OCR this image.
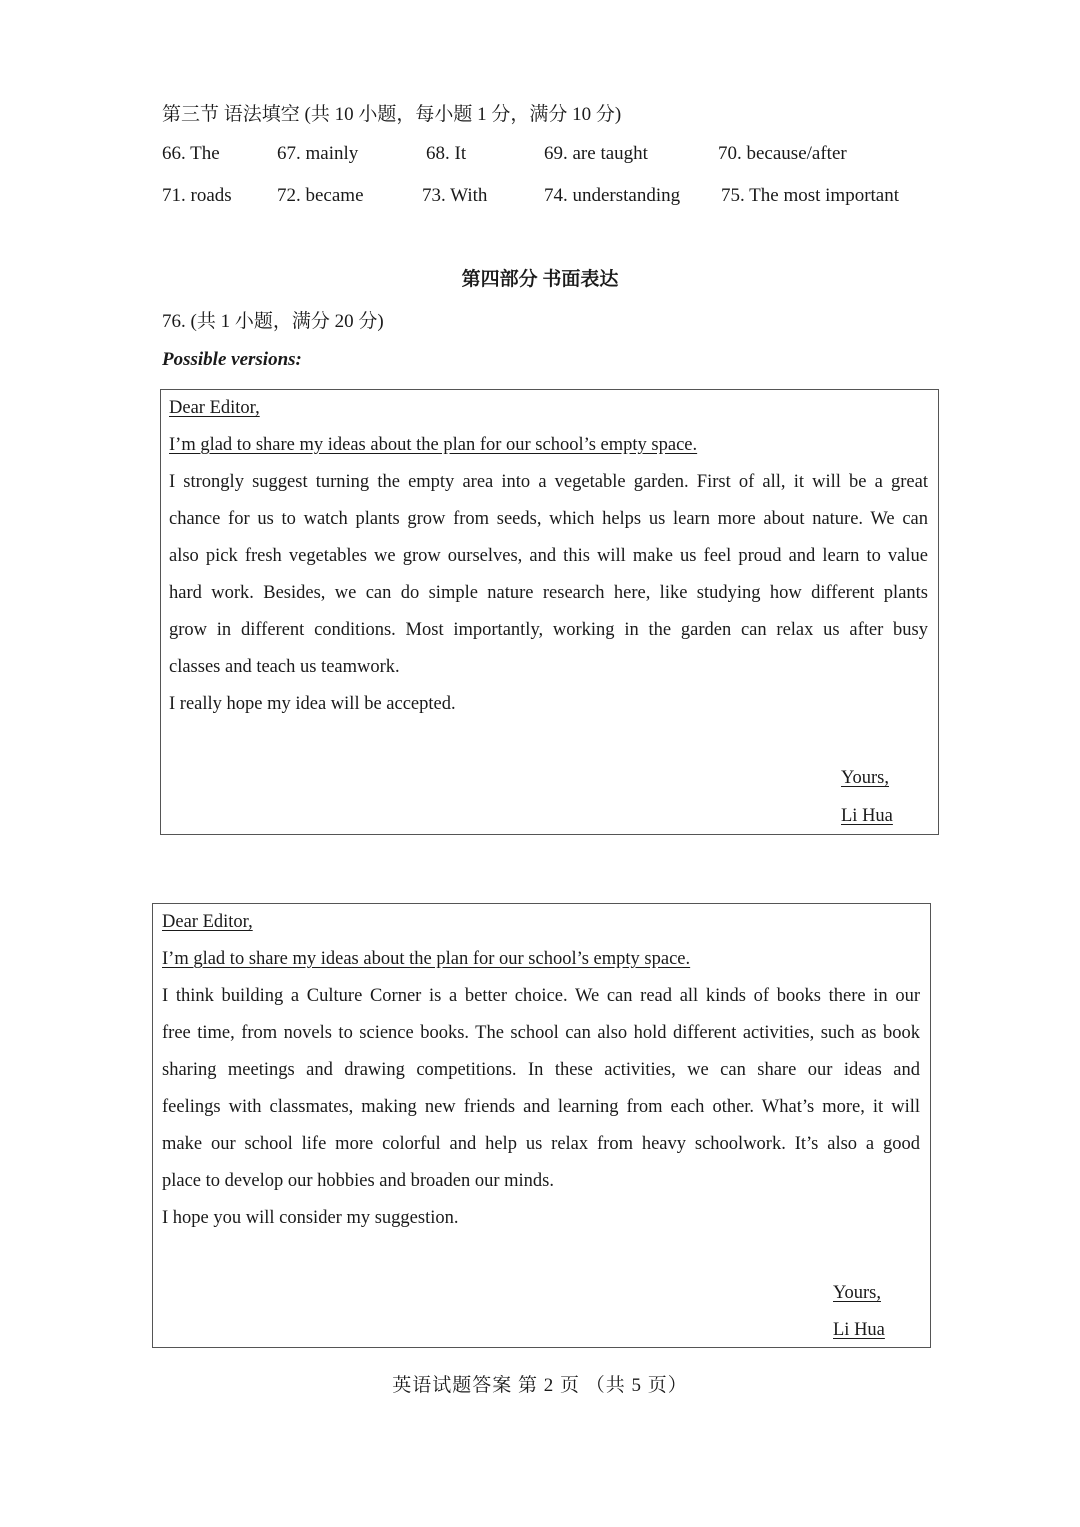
第三节 语法填空 (共 10 小题，每小题 1 分，满分 10 分)
66. The	67. mainly	68. It	69. are taught	70. because/after
71. roads 72. became	73. With	74. understanding 75. The most important
第四部分 书面表达
76. (共 1 小题，满分 20 分)
Possible versions:
Dear Editor,
I’m glad to share my ideas about the plan for our school’s empty space.
I strongly suggest turning the empty area into a vegetable garden. First of all, it will be a great
chance for us to watch plants grow from seeds, which helps us learn more about nature. We can
also pick fresh vegetables we grow ourselves, and this will make us feel proud and learn to value
hard work. Besides, we can do simple nature research here, like studying how different plants
grow in different conditions. Most importantly, working in the garden can relax us after busy
classes and teach us teamwork.
I really hope my idea will be accepted.
Yours,
Li Hua
Dear Editor,
I’m glad to share my ideas about the plan for our school’s empty space.
I think building a Culture Corner is a better choice. We can read all kinds of books there in our
free time, from novels to science books. The school can also hold different activities, such as book
sharing meetings and drawing competitions. In these activities, we can share our ideas and
feelings with classmates, making new friends and learning from each other. What’s more, it will
make our school life more colorful and help us relax from heavy schoolwork. It’s also a good
place to develop our hobbies and broaden our minds.
I hope you will consider my suggestion.
Yours,
Li Hua
英语试题答案 第 2 页 （共 5 页）
